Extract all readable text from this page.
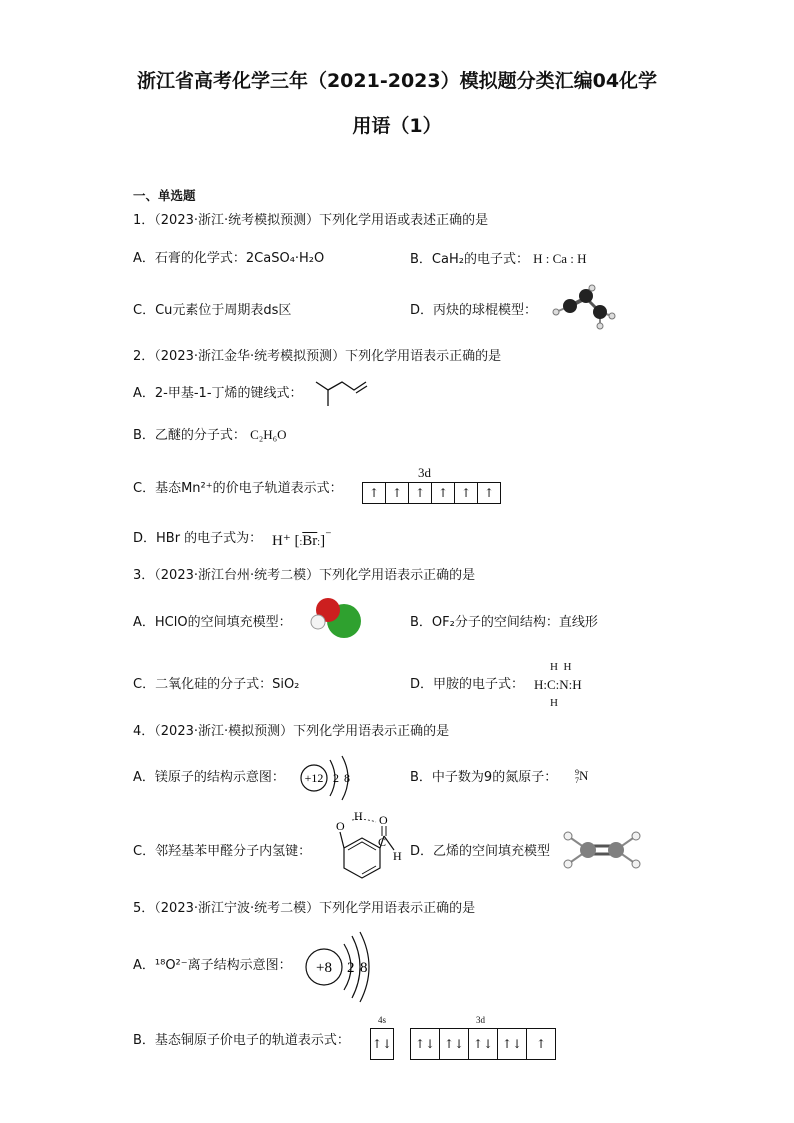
浙江省高考化学三年（2021-2023）模拟题分类汇编04化学
用语（1）
一、单选题
1．（2023·浙江·统考模拟预测）下列化学用语或表述正确的是
A．石膏的化学式：2CaSO₄·H₂O	B．CaH₂的电子式： H : Ca : H
C．Cu元素位于周期表ds区	D．丙炔的球棍模型：
2．（2023·浙江金华·统考模拟预测）下列化学用语表示正确的是
A．2-甲基-1-丁烯的键线式：
B．乙醚的分子式： C₂H₆O
C．基态Mn²⁺的价电子轨道表示式：
3d
↑	↑	↑	↑	↑	↑
D．HBr 的电子式为： H⁺ $[:\overline{Br}:]^{^-}$
3．（2023·浙江台州·统考二模）下列化学用语表示正确的是
A．HClO的空间填充模型：	B．OF₂分子的空间结构：直线形
C．二氧化硅的分子式：SiO₂	D．甲胺的电子式： H:C:N:H
H H
H
4．（2023·浙江·模拟预测）下列化学用语表示正确的是
A．镁原子的结构示意图： +12 2 8	B．中子数为9的氮原子： 9
7N
C．邻羟基苯甲醛分子内氢键：
O
H O
C
H D．乙烯的空间填充模型
5．（2023·浙江宁波·统考二模）下列化学用语表示正确的是
A．¹⁸O²⁻离子结构示意图： +8 2 8
B．基态铜原子价电子的轨道表示式：
4s
↑↓
3d
↑↓ ↑↓ ↑↓ ↑↓	↑
